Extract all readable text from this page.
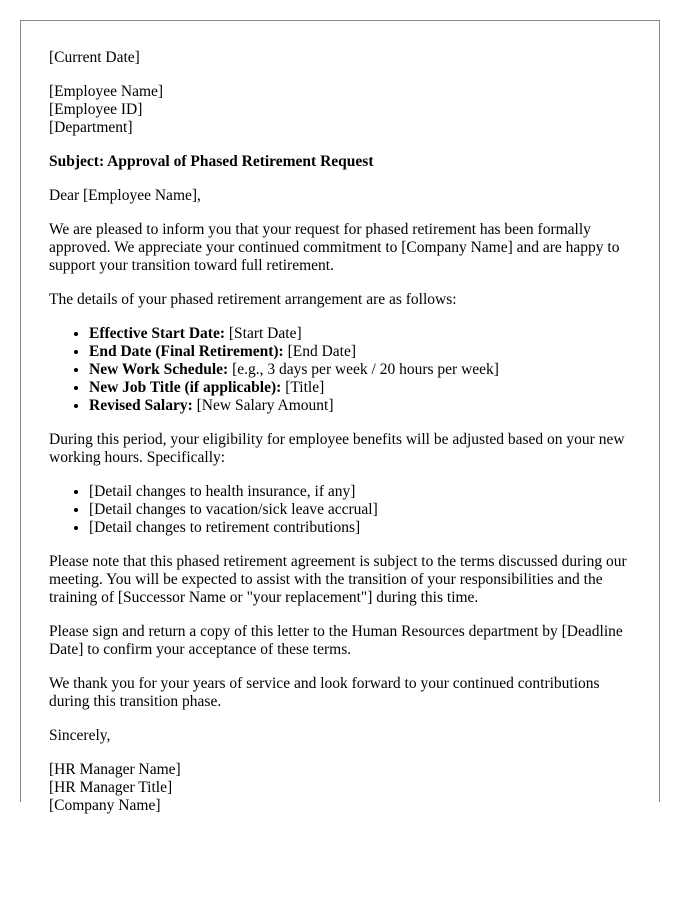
[Current Date]
[Employee Name]
[Employee ID]
[Department]

Subject: Approval of Phased Retirement Request

Dear [Employee Name],

We are pleased to inform you that your request for phased retirement has been formally approved. We appreciate your continued commitment to [Company Name] and are happy to support your transition toward full retirement.

The details of your phased retirement arrangement are as follows:

• Effective Start Date: [Start Date]
• End Date (Final Retirement): [End Date]
• New Work Schedule: [e.g., 3 days per week / 20 hours per week]
• New Job Title (if applicable): [Title]
• Revised Salary: [New Salary Amount]

During this period, your eligibility for employee benefits will be adjusted based on your new working hours. Specifically:

• [Detail changes to health insurance, if any]
• [Detail changes to vacation/sick leave accrual]
• [Detail changes to retirement contributions]

Please note that this phased retirement agreement is subject to the terms discussed during our meeting. You will be expected to assist with the transition of your responsibilities and the training of [Successor Name or "your replacement"] during this time.

Please sign and return a copy of this letter to the Human Resources department by [Deadline Date] to confirm your acceptance of these terms.

We thank you for your years of service and look forward to your continued contributions during this transition phase.

Sincerely,

[HR Manager Name]
[HR Manager Title]
[Company Name]
